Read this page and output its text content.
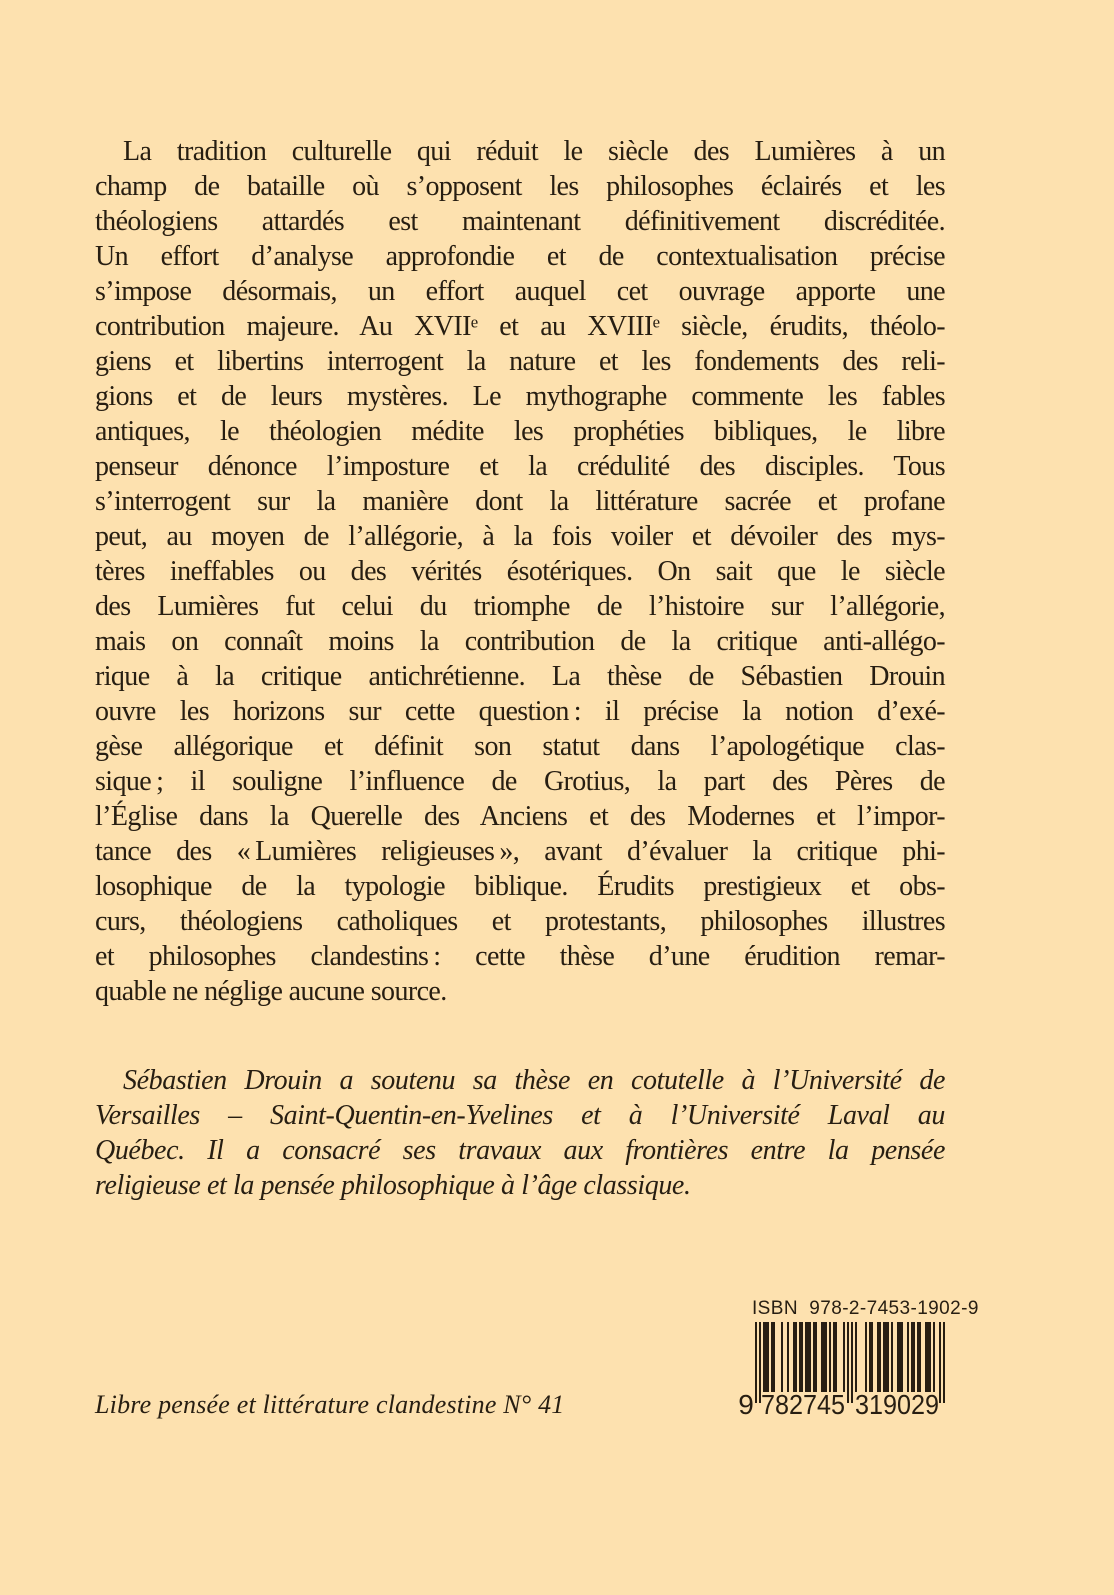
La tradition culturelle qui réduit le siècle des Lumières à un
champ de bataille où s’opposent les philosophes éclairés et les
théologiens attardés est maintenant définitivement discréditée.
Un effort d’analyse approfondie et de contextualisation précise
s’impose désormais, un effort auquel cet ouvrage apporte une
contribution majeure. Au XVIIᵉ et au XVIIIᵉ siècle, érudits, théolo-
giens et libertins interrogent la nature et les fondements des reli-
gions et de leurs mystères. Le mythographe commente les fables
antiques, le théologien médite les prophéties bibliques, le libre
penseur dénonce l’imposture et la crédulité des disciples. Tous
s’interrogent sur la manière dont la littérature sacrée et profane
peut, au moyen de l’allégorie, à la fois voiler et dévoiler des mys-
tères ineffables ou des vérités ésotériques. On sait que le siècle
des Lumières fut celui du triomphe de l’histoire sur l’allégorie,
mais on connaît moins la contribution de la critique anti-allégo-
rique à la critique antichrétienne. La thèse de Sébastien Drouin
ouvre les horizons sur cette question : il précise la notion d’exé-
gèse allégorique et définit son statut dans l’apologétique clas-
sique ; il souligne l’influence de Grotius, la part des Pères de
l’Église dans la Querelle des Anciens et des Modernes et l’impor-
tance des « Lumières religieuses », avant d’évaluer la critique phi-
losophique de la typologie biblique. Érudits prestigieux et obs-
curs, théologiens catholiques et protestants, philosophes illustres
et philosophes clandestins : cette thèse d’une érudition remar-
quable ne néglige aucune source.
Sébastien Drouin a soutenu sa thèse en cotutelle à l’Université de
Versailles – Saint-Quentin-en-Yvelines et à l’Université Laval au
Québec. Il a consacré ses travaux aux frontières entre la pensée
religieuse et la pensée philosophique à l’âge classique.
Libre pensée et littérature clandestine N° 41
ISBN  978-2-7453-1902-9
9 782745 319029
